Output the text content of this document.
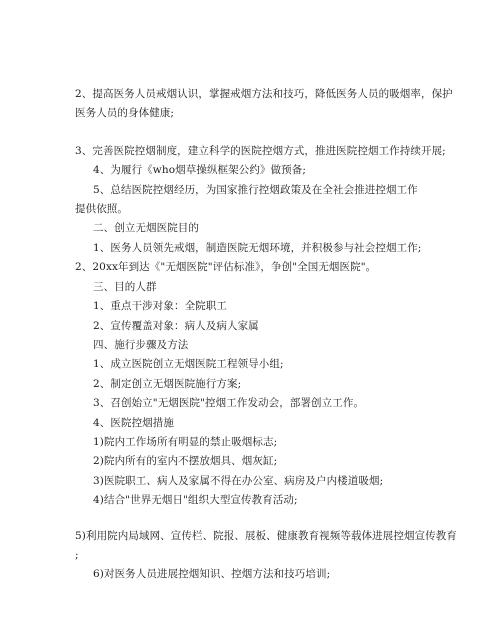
2、提高医务人员戒烟认识，掌握戒烟方法和技巧，降低医务人员的吸烟率，保护
医务人员的身体健康;
3、完善医院控烟制度，建立科学的医院控烟方式，推进医院控烟工作持续开展;
4、为履行《who烟草操纵框架公约》做预备;
5、总结医院控烟经历，为国家推行控烟政策及在全社会推进控烟工作
提供依照。
二、创立无烟医院目的
1、医务人员领先戒烟，制造医院无烟环境，并积极参与社会控烟工作;
2、20xx年到达《"无烟医院"评估标准》，争创"全国无烟医院"。
三、目的人群
1、重点干涉对象：全院职工
2、宣传覆盖对象：病人及病人家属
四、施行步骤及方法
1、成立医院创立无烟医院工程领导小组;
2、制定创立无烟医院施行方案;
3、召创始立"无烟医院"控烟工作发动会，部署创立工作。
4、医院控烟措施
1)院内工作场所有明显的禁止吸烟标志;
2)院内所有的室内不摆放烟具、烟灰缸;
3)医院职工、病人及家属不得在办公室、病房及户内楼道吸烟;
4)结合"世界无烟日"组织大型宣传教育活动;
5)利用院内局域网、宣传栏、院报、展板、健康教育视频等载体进展控烟宣传教育
;
6)对医务人员进展控烟知识、控烟方法和技巧培训;
